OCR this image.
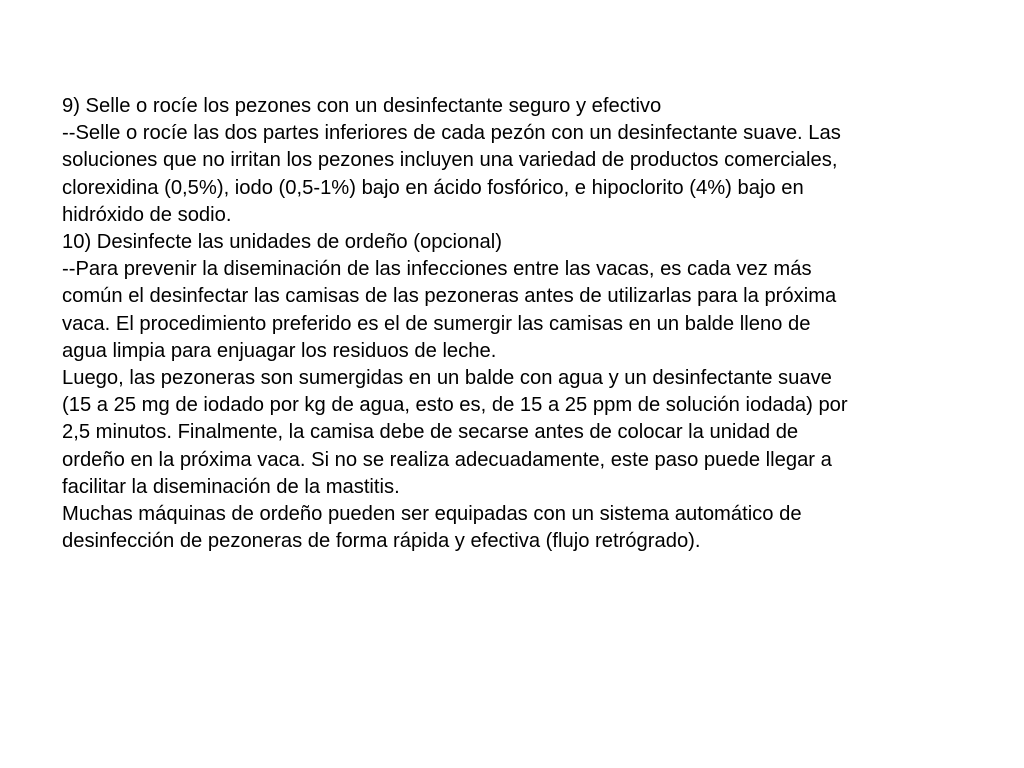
9) Selle o rocíe los pezones con un desinfectante seguro y efectivo
--Selle o rocíe las dos partes inferiores de cada pezón con un desinfectante suave. Las
soluciones que no irritan los pezones incluyen una variedad de productos comerciales,
clorexidina (0,5%), iodo (0,5-1%) bajo en ácido fosfórico, e hipoclorito (4%) bajo en
hidróxido de sodio.
10) Desinfecte las unidades de ordeño (opcional)
--Para prevenir la diseminación de las infecciones entre las vacas, es cada vez más
común el desinfectar las camisas de las pezoneras antes de utilizarlas para la próxima
vaca. El procedimiento preferido es el de sumergir las camisas en un balde lleno de
agua limpia para enjuagar los residuos de leche.
Luego, las pezoneras son sumergidas en un balde con agua y un desinfectante suave
(15 a 25 mg de iodado por kg de agua, esto es, de 15 a 25 ppm de solución iodada) por
2,5 minutos. Finalmente, la camisa debe de secarse antes de colocar la unidad de
ordeño en la próxima vaca. Si no se realiza adecuadamente, este paso puede llegar a
facilitar la diseminación de la mastitis.
Muchas máquinas de ordeño pueden ser equipadas con un sistema automático de
desinfección de pezoneras de forma rápida y efectiva (flujo retrógrado).
